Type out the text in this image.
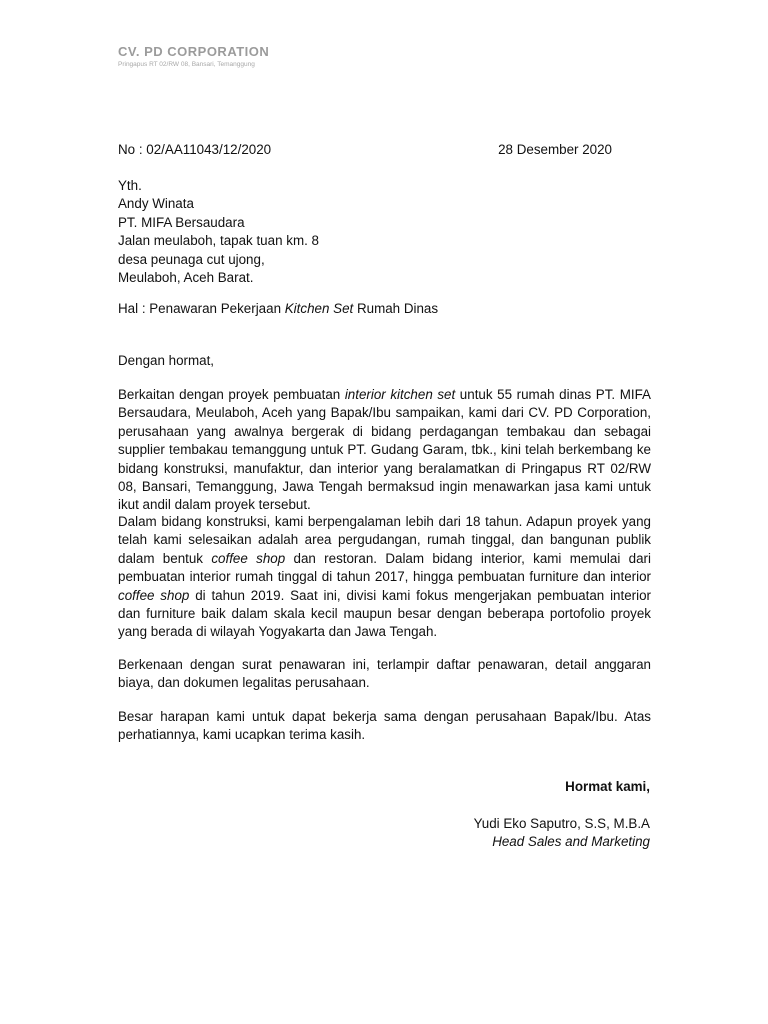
CV. PD CORPORATION
Pringapus RT 02/RW 08, Bansari, Temanggung
No : 02/AA11043/12/2020	28 Desember 2020
Yth.
Andy Winata
PT. MIFA Bersaudara
Jalan meulaboh, tapak tuan km. 8
desa peunaga cut ujong,
Meulaboh, Aceh Barat.
Hal : Penawaran Pekerjaan Kitchen Set Rumah Dinas
Dengan hormat,

Berkaitan dengan proyek pembuatan interior kitchen set untuk 55 rumah dinas PT. MIFA Bersaudara, Meulaboh, Aceh yang Bapak/Ibu sampaikan, kami dari CV. PD Corporation, perusahaan yang awalnya bergerak di bidang perdagangan tembakau dan sebagai supplier tembakau temanggung untuk PT. Gudang Garam, tbk., kini telah berkembang ke bidang konstruksi, manufaktur, dan interior yang beralamatkan di Pringapus RT 02/RW 08, Bansari, Temanggung, Jawa Tengah bermaksud ingin menawarkan jasa kami untuk ikut andil dalam proyek tersebut.

Dalam bidang konstruksi, kami berpengalaman lebih dari 18 tahun. Adapun proyek yang telah kami selesaikan adalah area pergudangan, rumah tinggal, dan bangunan publik dalam bentuk coffee shop dan restoran. Dalam bidang interior, kami memulai dari pembuatan interior rumah tinggal di tahun 2017, hingga pembuatan furniture dan interior coffee shop di tahun 2019. Saat ini, divisi kami fokus mengerjakan pembuatan interior dan furniture baik dalam skala kecil maupun besar dengan beberapa portofolio proyek yang berada di wilayah Yogyakarta dan Jawa Tengah.

Berkenaan dengan surat penawaran ini, terlampir daftar penawaran, detail anggaran biaya, dan dokumen legalitas perusahaan.

Besar harapan kami untuk dapat bekerja sama dengan perusahaan Bapak/Ibu. Atas perhatiannya, kami ucapkan terima kasih.

Hormat kami,
Yudi Eko Saputro, S.S, M.B.A
Head Sales and Marketing
